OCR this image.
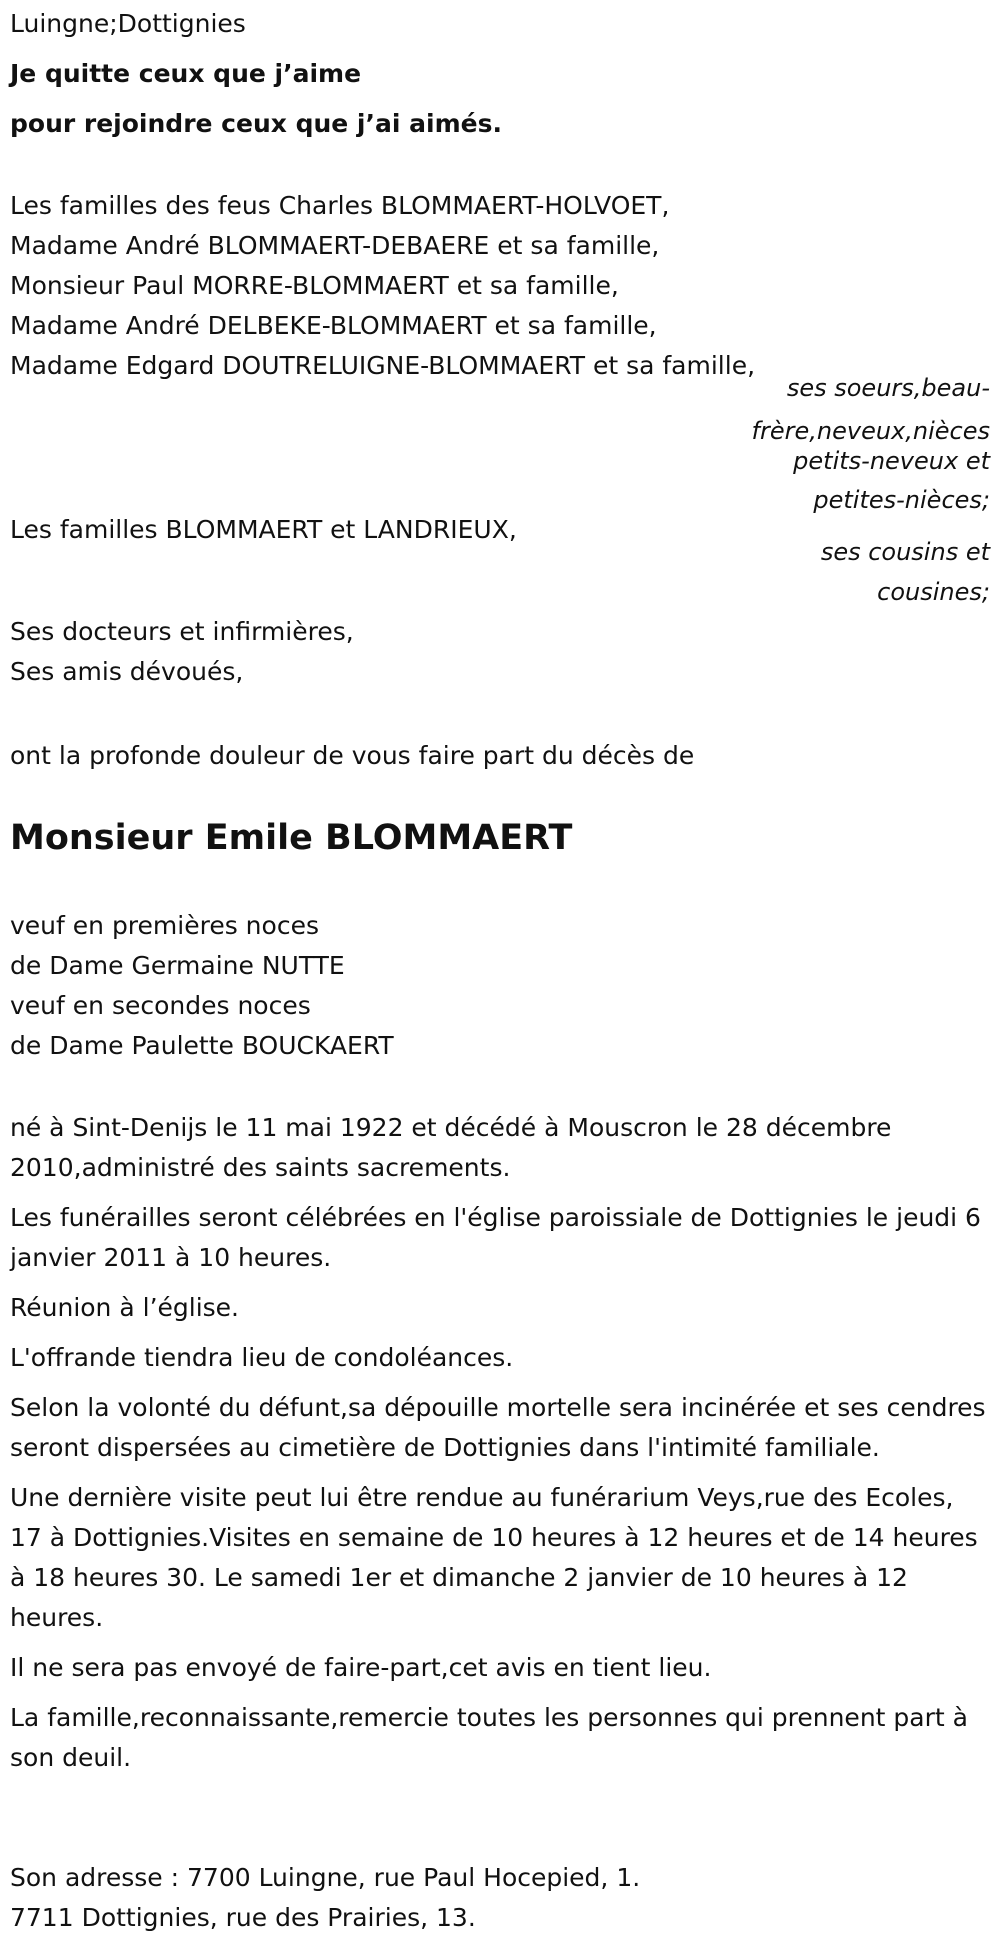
Luingne;Dottignies
Je quitte ceux que j’aime
pour rejoindre ceux que j’ai aimés.
Les familles des feus Charles BLOMMAERT-HOLVOET,
Madame André BLOMMAERT-DEBAERE et sa famille,
Monsieur Paul MORRE-BLOMMAERT et sa famille,
Madame André DELBEKE-BLOMMAERT et sa famille,
Madame Edgard DOUTRELUIGNE-BLOMMAERT et sa famille,
ses soeurs,beau-
frère,neveux,nièces
petits-neveux et
petites-nièces;
Les familles BLOMMAERT et LANDRIEUX,
ses cousins et
cousines;
Ses docteurs et infirmières,
Ses amis dévoués,
ont la profonde douleur de vous faire part du décès de
Monsieur Emile BLOMMAERT
veuf en premières noces
de Dame Germaine NUTTE
veuf en secondes noces
de Dame Paulette BOUCKAERT
né à Sint-Denijs le 11 mai 1922 et décédé à Mouscron le 28 décembre 2010,administré des saints sacrements.
Les funérailles seront célébrées en l'église paroissiale de Dottignies le jeudi 6 janvier 2011 à 10 heures.
Réunion à l’église.
L'offrande tiendra lieu de condoléances.
Selon la volonté du défunt,sa dépouille mortelle sera incinérée et ses cendres seront dispersées au cimetière de Dottignies dans l'intimité familiale.
Une dernière visite peut lui être rendue au funérarium Veys,rue des Ecoles, 17 à Dottignies.Visites en semaine de 10 heures à 12 heures et de 14 heures à 18 heures 30. Le samedi 1er et dimanche 2 janvier de 10 heures à 12 heures.
Il ne sera pas envoyé de faire-part,cet avis en tient lieu.
La famille,reconnaissante,remercie toutes les personnes qui prennent part à son deuil.
Son adresse : 7700 Luingne, rue Paul Hocepied, 1.
7711 Dottignies, rue des Prairies, 13.
